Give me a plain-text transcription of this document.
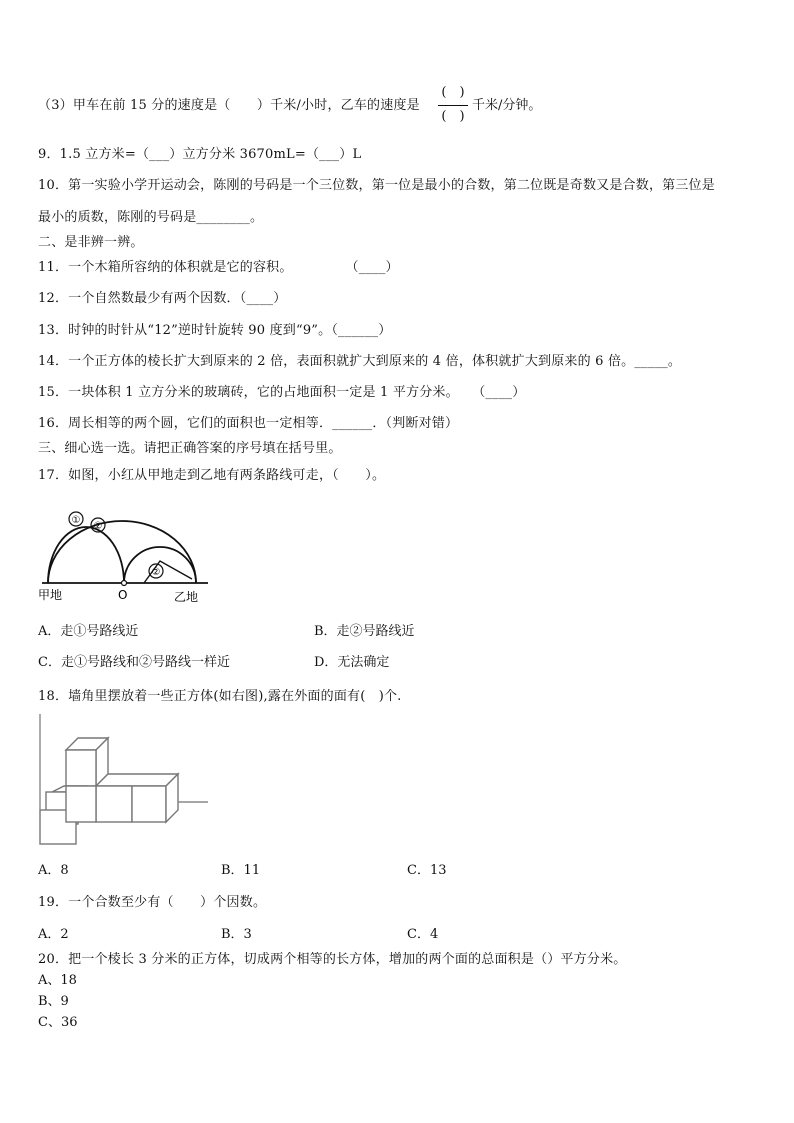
（3）甲车在前 15 分的速度是（　　）千米/小时，乙车的速度是
(　)
(　)
千米/分钟。
9．1.5 立方米=（___）立方分米 3670mL=（___）L
10．第一实验小学开运动会，陈刚的号码是一个三位数，第一位是最小的合数，第二位既是奇数又是合数，第三位是
最小的质数，陈刚的号码是________。
二、是非辨一辨。
11．一个木箱所容纳的体积就是它的容积。　　　　　（____）
12．一个自然数最少有两个因数．（____）
13．时钟的时针从“12”逆时针旋转 90 度到“9”。（______）
14．一个正方体的棱长扩大到原来的 2 倍，表面积就扩大到原来的 4 倍，体积就扩大到原来的 6 倍。_____。
15．一块体积 1 立方分米的玻璃砖，它的占地面积一定是 1 平方分米。　　（____）
16．周长相等的两个圆，它们的面积也一定相等．______．（判断对错）
三、细心选一选。请把正确答案的序号填在括号里。
17．如图，小红从甲地走到乙地有两条路线可走，（　　）。
①
②
②
甲地	O	乙地
A．走①号路线近	B．走②号路线近
C．走①号路线和②号路线一样近	D．无法确定
18．墙角里摆放着一些正方体(如右图),露在外面的面有(　)个.
A．8	B．11	C．13
19．一个合数至少有（　　）个因数。
A．2	B．3	C．4
20．把一个棱长 3 分米的正方体，切成两个相等的长方体，增加的两个面的总面积是（）平方分米。
A、18
B、9
C、36
